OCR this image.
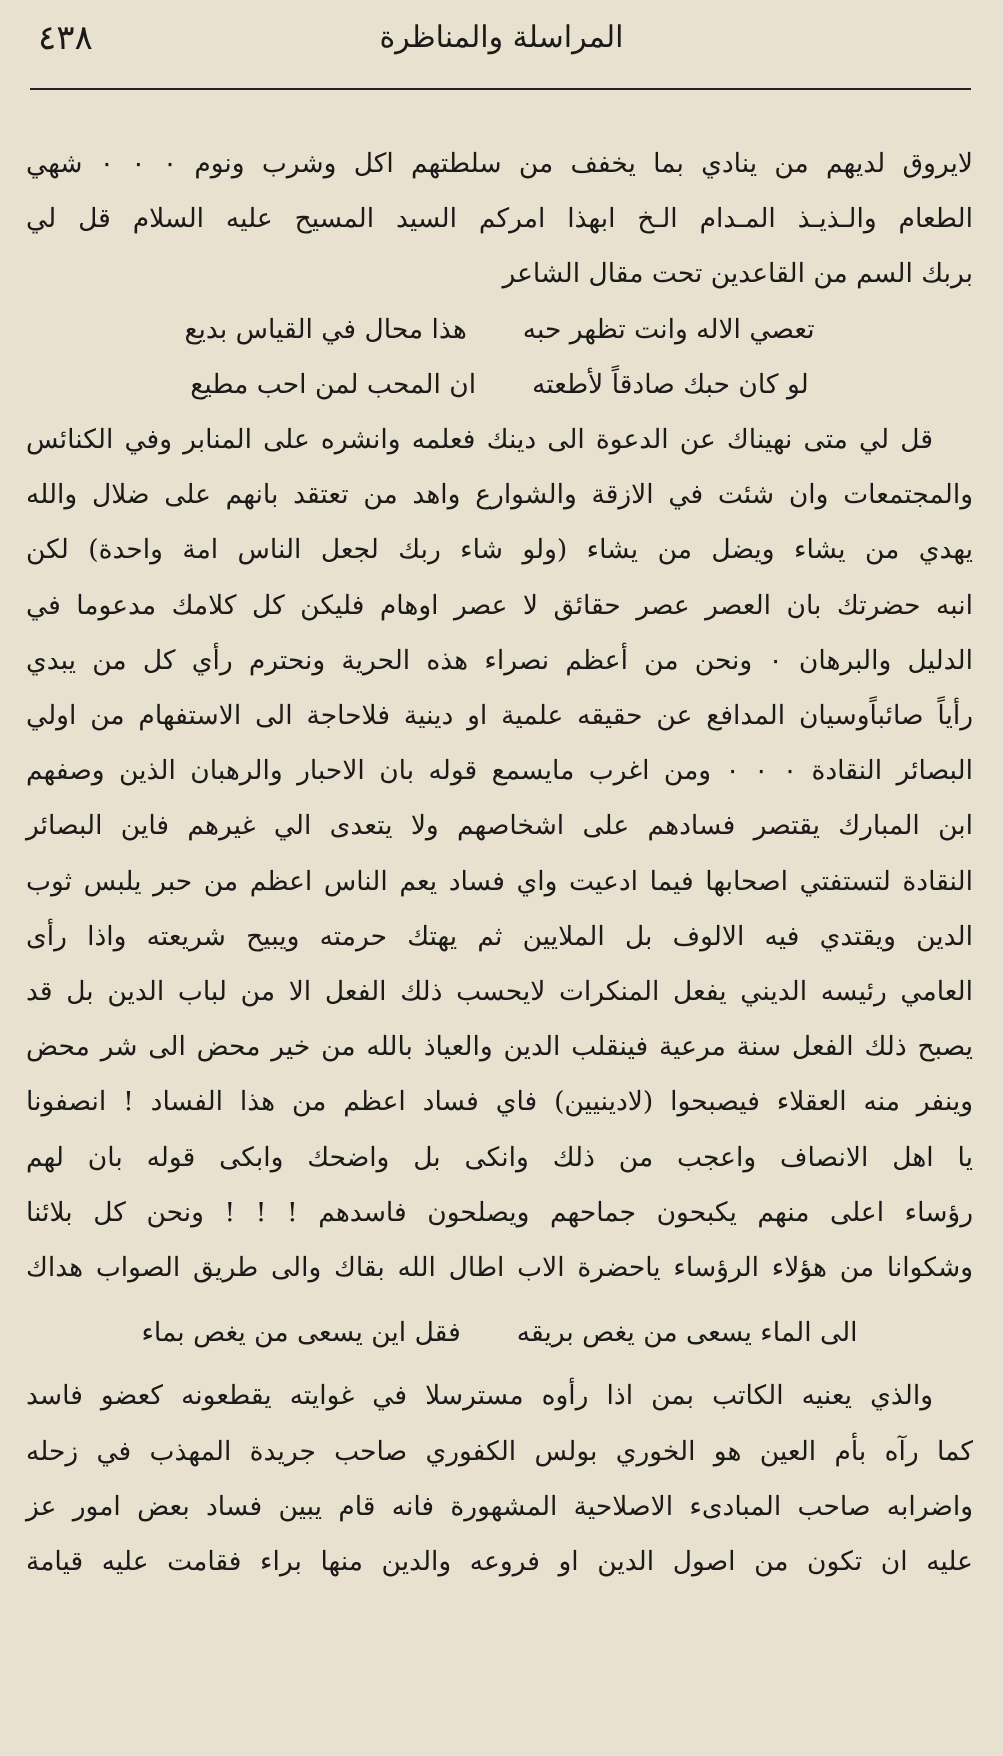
٤٣٨	المراسلة والمناظرة

لايروق لديهم من ينادي بما يخفف من سلطتهم اكل وشرب ونوم ٠ ٠ ٠ شهي

الطعام والـذيـذ المـدام الـخ ابهذا امركم السيد المسيح عليه السلام قل لي

بربك السم من القاعدين تحت مقال الشاعر

تعصي الاله وانت تظهر حبه
هذا محال في القياس بديع
لو كان حبك صادقاً لأطعته
ان المحب لمن احب مطيع

قل لي متى نهيناك عن الدعوة الى دينك فعلمه وانشره على المنابر وفي الكنائس

والمجتمعات وان شئت في الازقة والشوارع واهد من تعتقد بانهم على ضلال والله

يهدي من يشاء ويضل من يشاء (ولو شاء ربك لجعل الناس امة واحدة) لكن

انبه حضرتك بان العصر عصر حقائق لا عصر اوهام فليكن كل كلامك مدعوما في

الدليل والبرهان ٠ ونحن من أعظم نصراء هذه الحرية ونحترم رأي كل من يبدي

رأياً صائباًوسيان المدافع عن حقيقه علمية او دينية فلاحاجة الى الاستفهام من اولي

البصائر النقادة ٠ ٠ ٠ ومن اغرب مايسمع قوله بان الاحبار والرهبان الذين وصفهم

ابن المبارك يقتصر فسادهم على اشخاصهم ولا يتعدى الي غيرهم فاين البصائر

النقادة لتستفتي اصحابها فيما ادعيت واي فساد يعم الناس اعظم من حبر يلبس ثوب

الدين ويقتدي فيه الالوف بل الملايين ثم يهتك حرمته ويبيح شريعته واذا رأى

العامي رئيسه الديني يفعل المنكرات لايحسب ذلك الفعل الا من لباب الدين بل قد

يصبح ذلك الفعل سنة مرعية فينقلب الدين والعياذ بالله من خير محض الى شر محض

وينفر منه العقلاء فيصبحوا (لادينيين) فاي فساد اعظم من هذا الفساد ! انصفونا

يا اهل الانصاف واعجب من ذلك وانكى بل واضحك وابكى قوله بان لهم

رؤساء اعلى منهم يكبحون جماحهم ويصلحون فاسدهم ! ! ! ونحن كل بلائنا

وشكوانا من هؤلاء الرؤساء ياحضرة الاب اطال الله بقاك والى طريق الصواب هداك

الى الماء يسعى من يغص بريقه
فقل اين يسعى من يغص بماء

والذي يعنيه الكاتب بمن اذا رأوه مسترسلا في غوايته يقطعونه كعضو فاسد

كما رآه بأم العين هو الخوري بولس الكفوري صاحب جريدة المهذب في زحله

واضرابه صاحب المبادىء الاصلاحية المشهورة فانه قام يبين فساد بعض امور عز

عليه ان تكون من اصول الدين او فروعه والدين منها براء فقامت عليه قيامة
